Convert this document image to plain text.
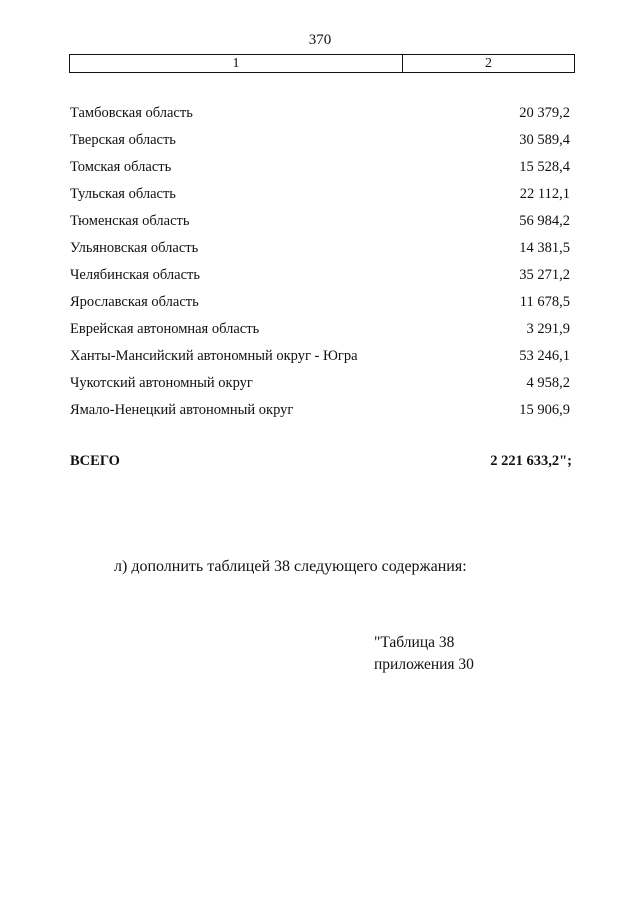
370
1	2
Тамбовская область	20 379,2
Тверская область	30 589,4
Томская область	15 528,4
Тульская область	22 112,1
Тюменская область	56 984,2
Ульяновская область	14 381,5
Челябинская область	35 271,2
Ярославская область	11 678,5
Еврейская автономная область	3 291,9
Ханты-Мансийский автономный округ - Югра	53 246,1
Чукотский автономный округ	4 958,2
Ямало-Ненецкий автономный округ	15 906,9
ВСЕГО	2 221 633,2";
л) дополнить таблицей 38 следующего содержания:
"Таблица 38
приложения 30
